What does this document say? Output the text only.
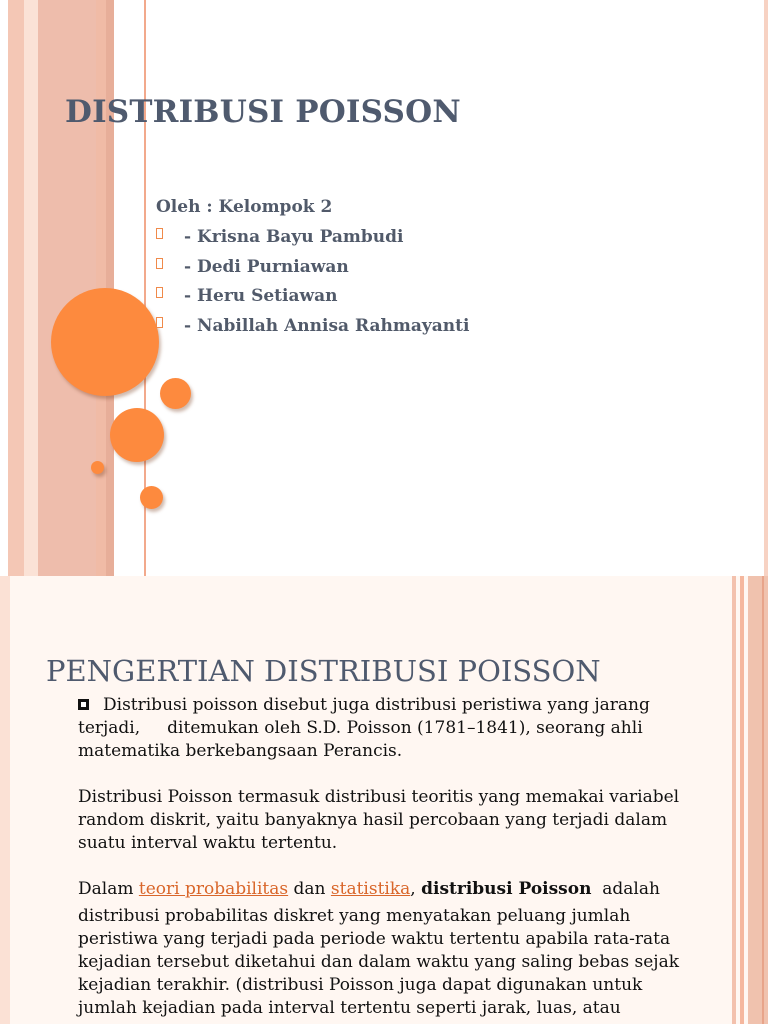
DISTRIBUSI POISSON

Oleh : Kelompok 2

- Krisna Bayu Pambudi
- Dedi Purniawan
- Heru Setiawan
- Nabillah Annisa Rahmayanti
PENGERTIAN DISTRIBUSI POISSON

Distribusi poisson disebut juga distribusi peristiwa yang jarang

terjadi,     ditemukan oleh S.D. Poisson (1781–1841), seorang ahli

matematika berkebangsaan Perancis.

Distribusi Poisson termasuk distribusi teoritis yang memakai variabel

random diskrit, yaitu banyaknya hasil percobaan yang terjadi dalam

suatu interval waktu tertentu.

Dalam teori probabilitas dan statistika, distribusi Poisson  adalah

distribusi probabilitas diskret yang menyatakan peluang jumlah

peristiwa yang terjadi pada periode waktu tertentu apabila rata-rata

kejadian tersebut diketahui dan dalam waktu yang saling bebas sejak

kejadian terakhir. (distribusi Poisson juga dapat digunakan untuk

jumlah kejadian pada interval tertentu seperti jarak, luas, atau
